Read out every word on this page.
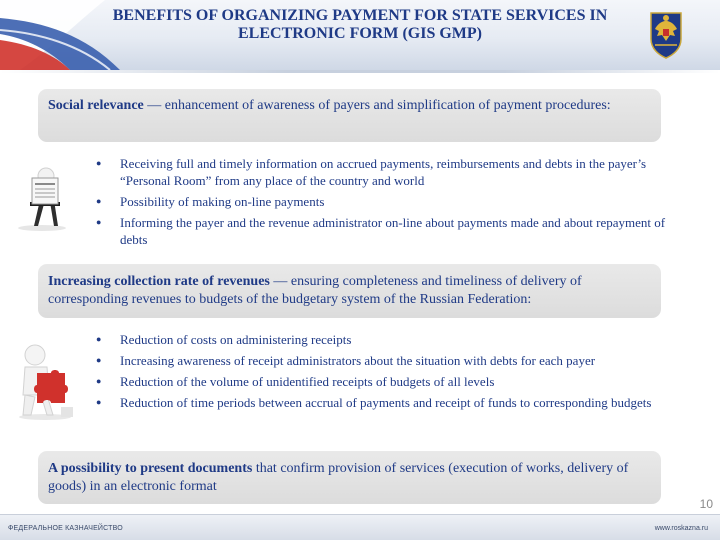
BENEFITS OF ORGANIZING PAYMENT FOR STATE SERVICES IN
ELECTRONIC FORM (GIS GMP)
Social relevance — enhancement of awareness of payers and simplification of payment procedures:
● Receiving full and timely information on accrued payments, reimbursements and debts in the payer’s “Personal Room” from any place of the country and world
● Possibility of making on-line payments
● Informing the payer and the revenue administrator on-line about payments made and about repayment of debts
Increasing collection rate of revenues — ensuring completeness and timeliness of delivery of corresponding revenues to budgets of the budgetary system of the Russian Federation:
● Reduction of costs on administering receipts
● Increasing awareness of receipt administrators about the situation with debts for each payer
● Reduction of the volume of unidentified receipts of budgets of all levels
● Reduction of time periods between accrual of payments and receipt of funds to corresponding budgets
A possibility to present documents that confirm provision of services (execution of works, delivery of goods) in an electronic format
10
ФЕДЕРАЛЬНОЕ КАЗНАЧЕЙСТВО	www.roskazna.ru
